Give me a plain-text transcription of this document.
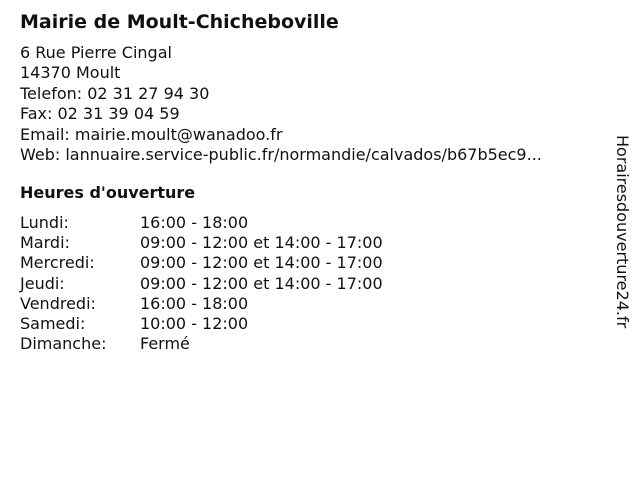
Mairie de Moult-Chicheboville
6 Rue Pierre Cingal
14370 Moult
Telefon: 02 31 27 94 30
Fax: 02 31 39 04 59
Email: mairie.moult@wanadoo.fr
Web: lannuaire.service-public.fr/normandie/calvados/b67b5ec9...
Heures d'ouverture
Lundi:	16:00 - 18:00
Mardi:	09:00 - 12:00 et 14:00 - 17:00
Mercredi:	09:00 - 12:00 et 14:00 - 17:00
Jeudi:	09:00 - 12:00 et 14:00 - 17:00
Vendredi:	16:00 - 18:00
Samedi:	10:00 - 12:00
Dimanche: Fermé
Horairesdouverture24.fr
